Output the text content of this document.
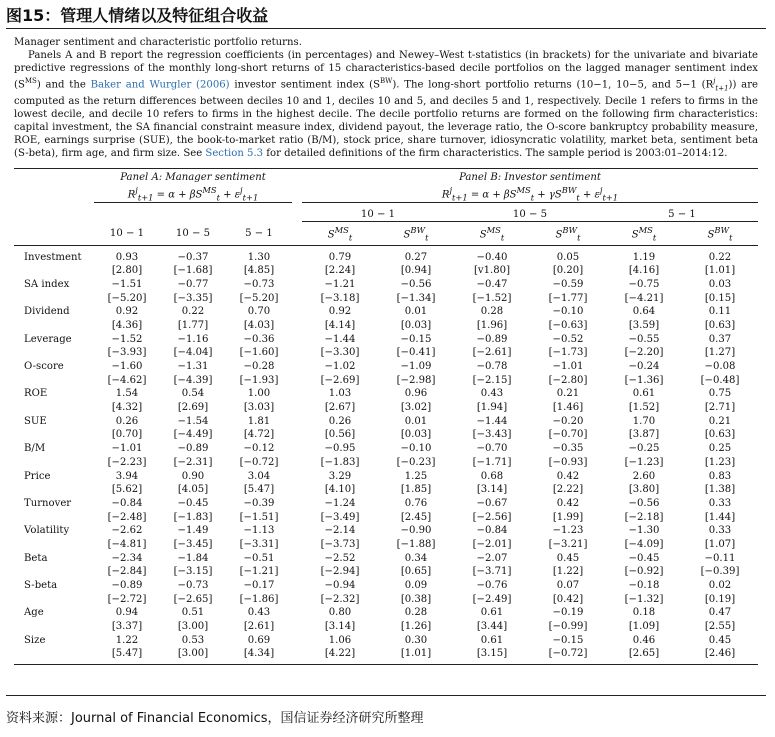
图15：管理人情绪以及特征组合收益

Manager sentiment and characteristic portfolio returns.

Panels A and B report the regression coefficients (in percentages) and Newey–West t-statistics (in brackets) for the univariate and bivariate predictive regressions of the monthly long-short returns of 15 characteristics-based decile portfolios on the lagged manager sentiment index $(S^{MS})$ and the Baker and Wurgler (2006) investor sentiment index $(S^{BW})$. The long-short portfolio returns (10−1, 10−5, and 5−1 $(R^j_{t+1})$) are computed as the return differences between deciles 10 and 1, deciles 10 and 5, and deciles 5 and 1, respectively. Decile 1 refers to firms in the lowest decile, and decile 10 refers to firms in the highest decile. The decile portfolio returns are formed on the following firm characteristics: capital investment, the SA financial constraint measure index, dividend payout, the leverage ratio, the O-score bankruptcy probability measure, ROE, earnings surprise (SUE), the book-to-market ratio (B/M), stock price, share turnover, idiosyncratic volatility, market beta, sentiment beta (S-beta), firm age, and firm size. See Section 5.3 for detailed definitions of the firm characteristics. The sample period is 2003:01–2014:12.

	Panel A: Manager sentiment				Panel B: Investor sentiment					
	$R^j_{t+1} = \alpha + \beta S^{MS}_t + \varepsilon^j_{t+1}$				$R^j_{t+1} = \alpha + \beta S^{MS}_t + \gamma S^{BW}_t + \varepsilon^j_{t+1}$
					10 − 1		10 − 5		5 − 1	
	10 − 1	10 − 5	5 − 1		$S^{MS}_t$	$S^{BW}_t$	$S^{MS}_t$	$S^{BW}_t$	$S^{MS}_t$	$S^{BW}_t$
Investment	0.93	−0.37	1.30		0.79	0.27	−0.40	0.05	1.19	0.22
	[2.80]	[−1.68]	[4.85]		[2.24]	[0.94]	[v1.80]	[0.20]	[4.16]	[1.01]
SA index	−1.51	−0.77	−0.73		−1.21	−0.56	−0.47	−0.59	−0.75	0.03
	[−5.20]	[−3.35]	[−5.20]		[−3.18]	[−1.34]	[−1.52]	[−1.77]	[−4.21]	[0.15]
Dividend	0.92	0.22	0.70		0.92	0.01	0.28	−0.10	0.64	0.11
	[4.36]	[1.77]	[4.03]		[4.14]	[0.03]	[1.96]	[−0.63]	[3.59]	[0.63]
Leverage	−1.52	−1.16	−0.36		−1.44	−0.15	−0.89	−0.52	−0.55	0.37
	[−3.93]	[−4.04]	[−1.60]		[−3.30]	[−0.41]	[−2.61]	[−1.73]	[−2.20]	[1.27]
O-score	−1.60	−1.31	−0.28		−1.02	−1.09	−0.78	−1.01	−0.24	−0.08
	[−4.62]	[−4.39]	[−1.93]		[−2.69]	[−2.98]	[−2.15]	[−2.80]	[−1.36]	[−0.48]
ROE	1.54	0.54	1.00		1.03	0.96	0.43	0.21	0.61	0.75
	[4.32]	[2.69]	[3.03]		[2.67]	[3.02]	[1.94]	[1.46]	[1.52]	[2.71]
SUE	0.26	−1.54	1.81		0.26	0.01	−1.44	−0.20	1.70	0.21
	[0.70]	[−4.49]	[4.72]		[0.56]	[0.03]	[−3.43]	[−0.70]	[3.87]	[0.63]
B/M	−1.01	−0.89	−0.12		−0.95	−0.10	−0.70	−0.35	−0.25	0.25
	[−2.23]	[−2.31]	[−0.72]		[−1.83]	[−0.23]	[−1.71]	[−0.93]	[−1.23]	[1.23]
Price	3.94	0.90	3.04		3.29	1.25	0.68	0.42	2.60	0.83
	[5.62]	[4.05]	[5.47]		[4.10]	[1.85]	[3.14]	[2.22]	[3.80]	[1.38]
Turnover	−0.84	−0.45	−0.39		−1.24	0.76	−0.67	0.42	−0.56	0.33
	[−2.48]	[−1.83]	[−1.51]		[−3.49]	[2.45]	[−2.56]	[1.99]	[−2.18]	[1.44]
Volatility	−2.62	−1.49	−1.13		−2.14	−0.90	−0.84	−1.23	−1.30	0.33
	[−4.81]	[−3.45]	[−3.31]		[−3.73]	[−1.88]	[−2.01]	[−3.21]	[−4.09]	[1.07]
Beta	−2.34	−1.84	−0.51		−2.52	0.34	−2.07	0.45	−0.45	−0.11
	[−2.84]	[−3.15]	[−1.21]		[−2.94]	[0.65]	[−3.71]	[1.22]	[−0.92]	[−0.39]
S-beta	−0.89	−0.73	−0.17		−0.94	0.09	−0.76	0.07	−0.18	0.02
	[−2.72]	[−2.65]	[−1.86]		[−2.32]	[0.38]	[−2.49]	[0.42]	[−1.32]	[0.19]
Age	0.94	0.51	0.43		0.80	0.28	0.61	−0.19	0.18	0.47
	[3.37]	[3.00]	[2.61]		[3.14]	[1.26]	[3.44]	[−0.99]	[1.09]	[2.55]
Size	1.22	0.53	0.69		1.06	0.30	0.61	−0.15	0.46	0.45
	[5.47]	[3.00]	[4.34]		[4.22]	[1.01]	[3.15]	[−0.72]	[2.65]	[2.46]
资料来源：Journal of Financial Economics，国信证券经济研究所整理
